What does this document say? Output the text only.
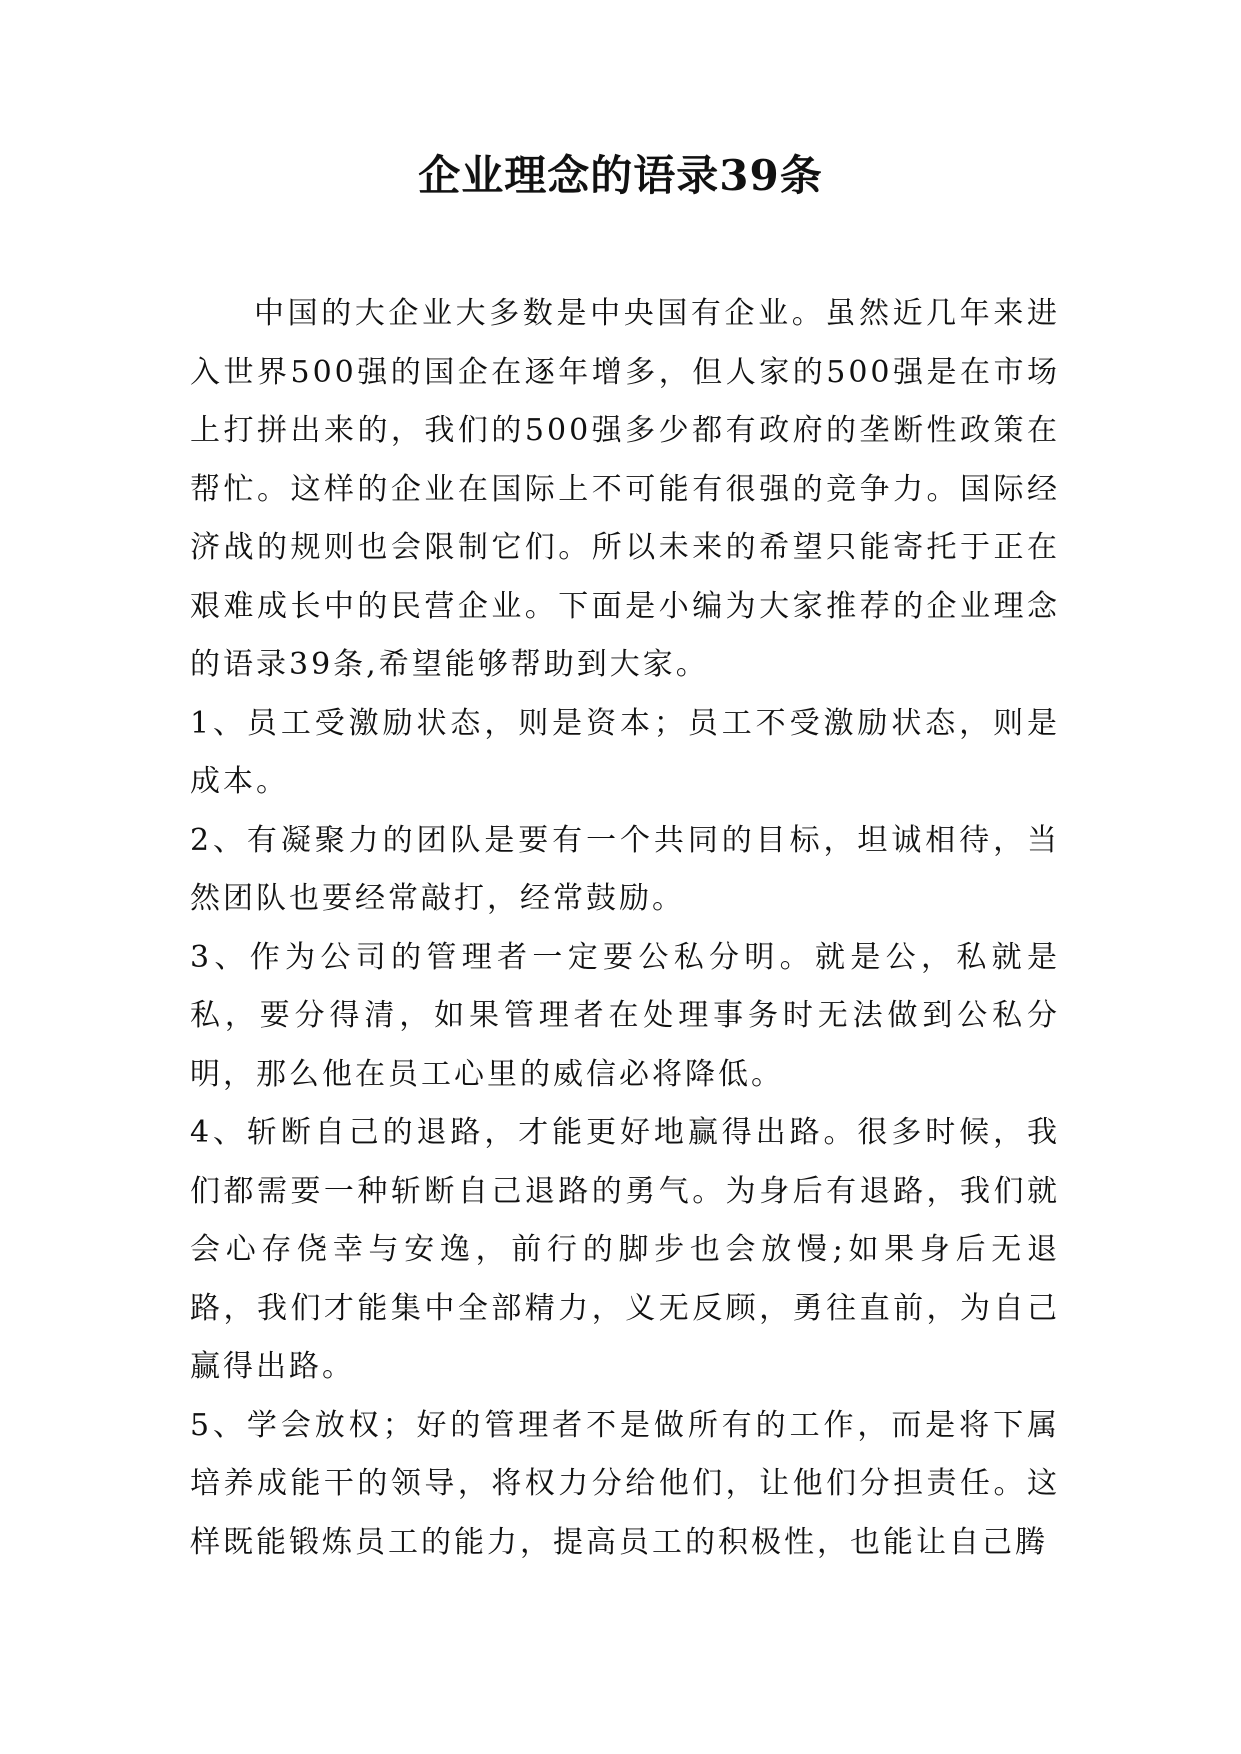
企业理念的语录39条

中国的大企业大多数是中央国有企业。虽然近几年来进入世界500强的国企在逐年增多，但人家的500强是在市场上打拼出来的，我们的500强多少都有政府的垄断性政策在帮忙。这样的企业在国际上不可能有很强的竞争力。国际经济战的规则也会限制它们。所以未来的希望只能寄托于正在艰难成长中的民营企业。下面是小编为大家推荐的企业理念的语录39条,希望能够帮助到大家。

1、员工受激励状态，则是资本；员工不受激励状态，则是成本。

2、有凝聚力的团队是要有一个共同的目标，坦诚相待，当然团队也要经常敲打，经常鼓励。

3、作为公司的管理者一定要公私分明。就是公，私就是私，要分得清，如果管理者在处理事务时无法做到公私分明，那么他在员工心里的威信必将降低。

4、斩断自己的退路，才能更好地赢得出路。很多时候，我们都需要一种斩断自己退路的勇气。为身后有退路，我们就会心存侥幸与安逸，前行的脚步也会放慢;如果身后无退路，我们才能集中全部精力，义无反顾，勇往直前，为自己赢得出路。

5、学会放权；好的管理者不是做所有的工作，而是将下属培养成能干的领导，将权力分给他们，让他们分担责任。这样既能锻炼员工的能力，提高员工的积极性，也能让自己腾
